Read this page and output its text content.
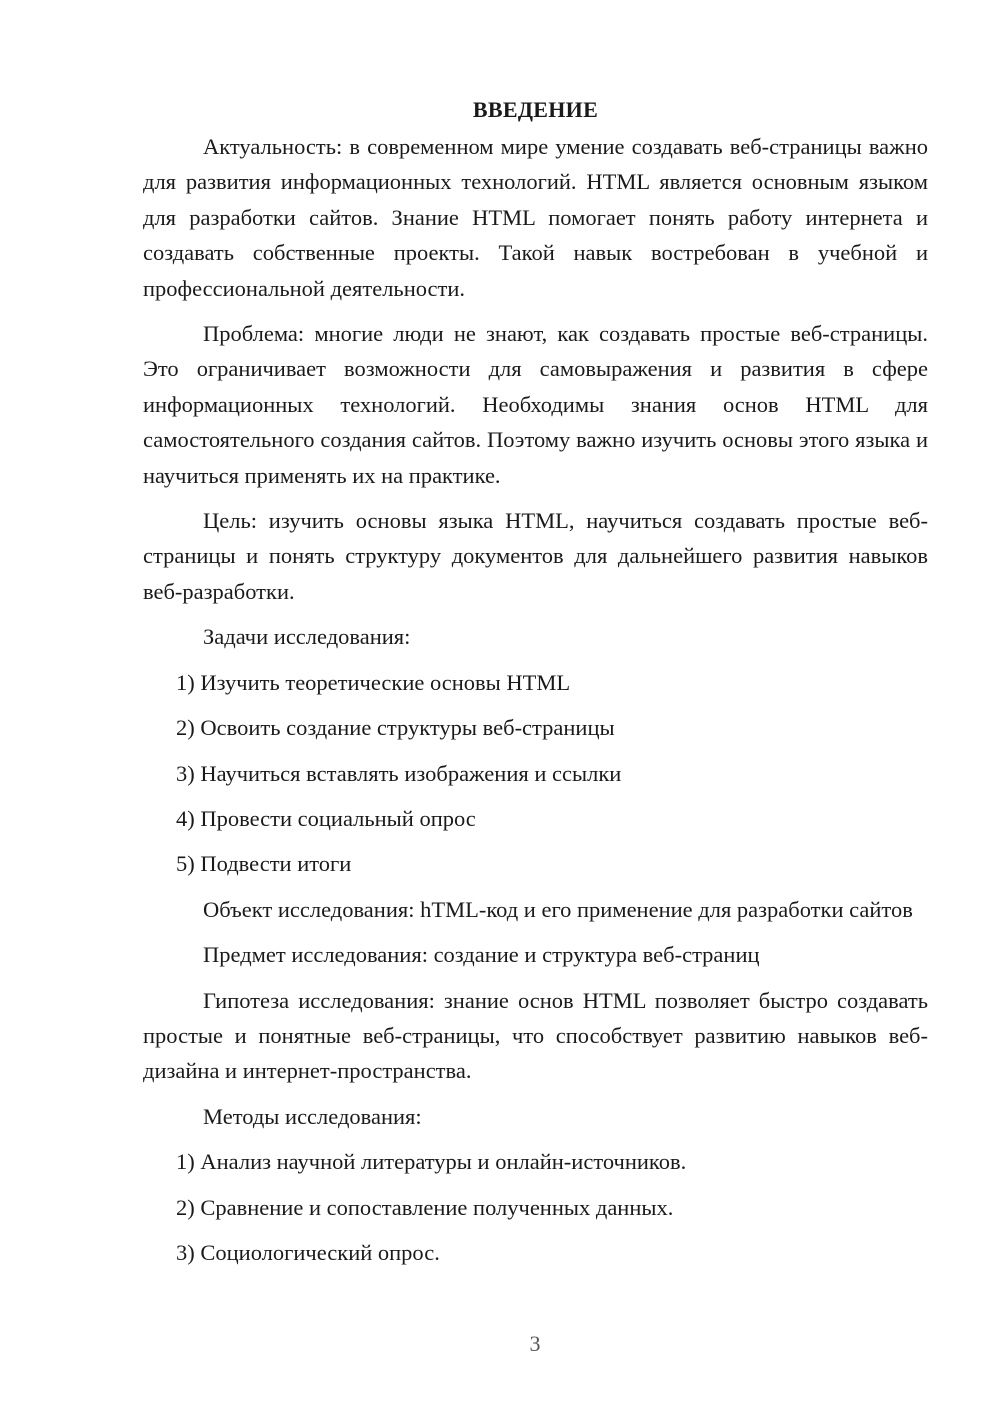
ВВЕДЕНИЕ

Актуальность: в современном мире умение создавать веб-страницы важно для развития информационных технологий. HTML является основным языком для разработки сайтов. Знание HTML помогает понять работу интернета и создавать собственные проекты. Такой навык востребован в учебной и профессиональной деятельности.

Проблема: многие люди не знают, как создавать простые веб-страницы. Это ограничивает возможности для самовыражения и развития в сфере информационных технологий. Необходимы знания основ HTML для самостоятельного создания сайтов. Поэтому важно изучить основы этого языка и научиться применять их на практике.

Цель: изучить основы языка HTML, научиться создавать простые веб-страницы и понять структуру документов для дальнейшего развития навыков веб-разработки.

Задачи исследования:

1) Изучить теоретические основы HTML
2) Освоить создание структуры веб-страницы
3) Научиться вставлять изображения и ссылки
4) Провести социальный опрос
5) Подвести итоги

Объект исследования: hTML-код и его применение для разработки сайтов

Предмет исследования: создание и структура веб-страниц

Гипотеза исследования: знание основ HTML позволяет быстро создавать простые и понятные веб-страницы, что способствует развитию навыков веб-дизайна и интернет-пространства.

Методы исследования:

1) Анализ научной литературы и онлайн-источников.
2) Сравнение и сопоставление полученных данных.
3) Социологический опрос.
3
